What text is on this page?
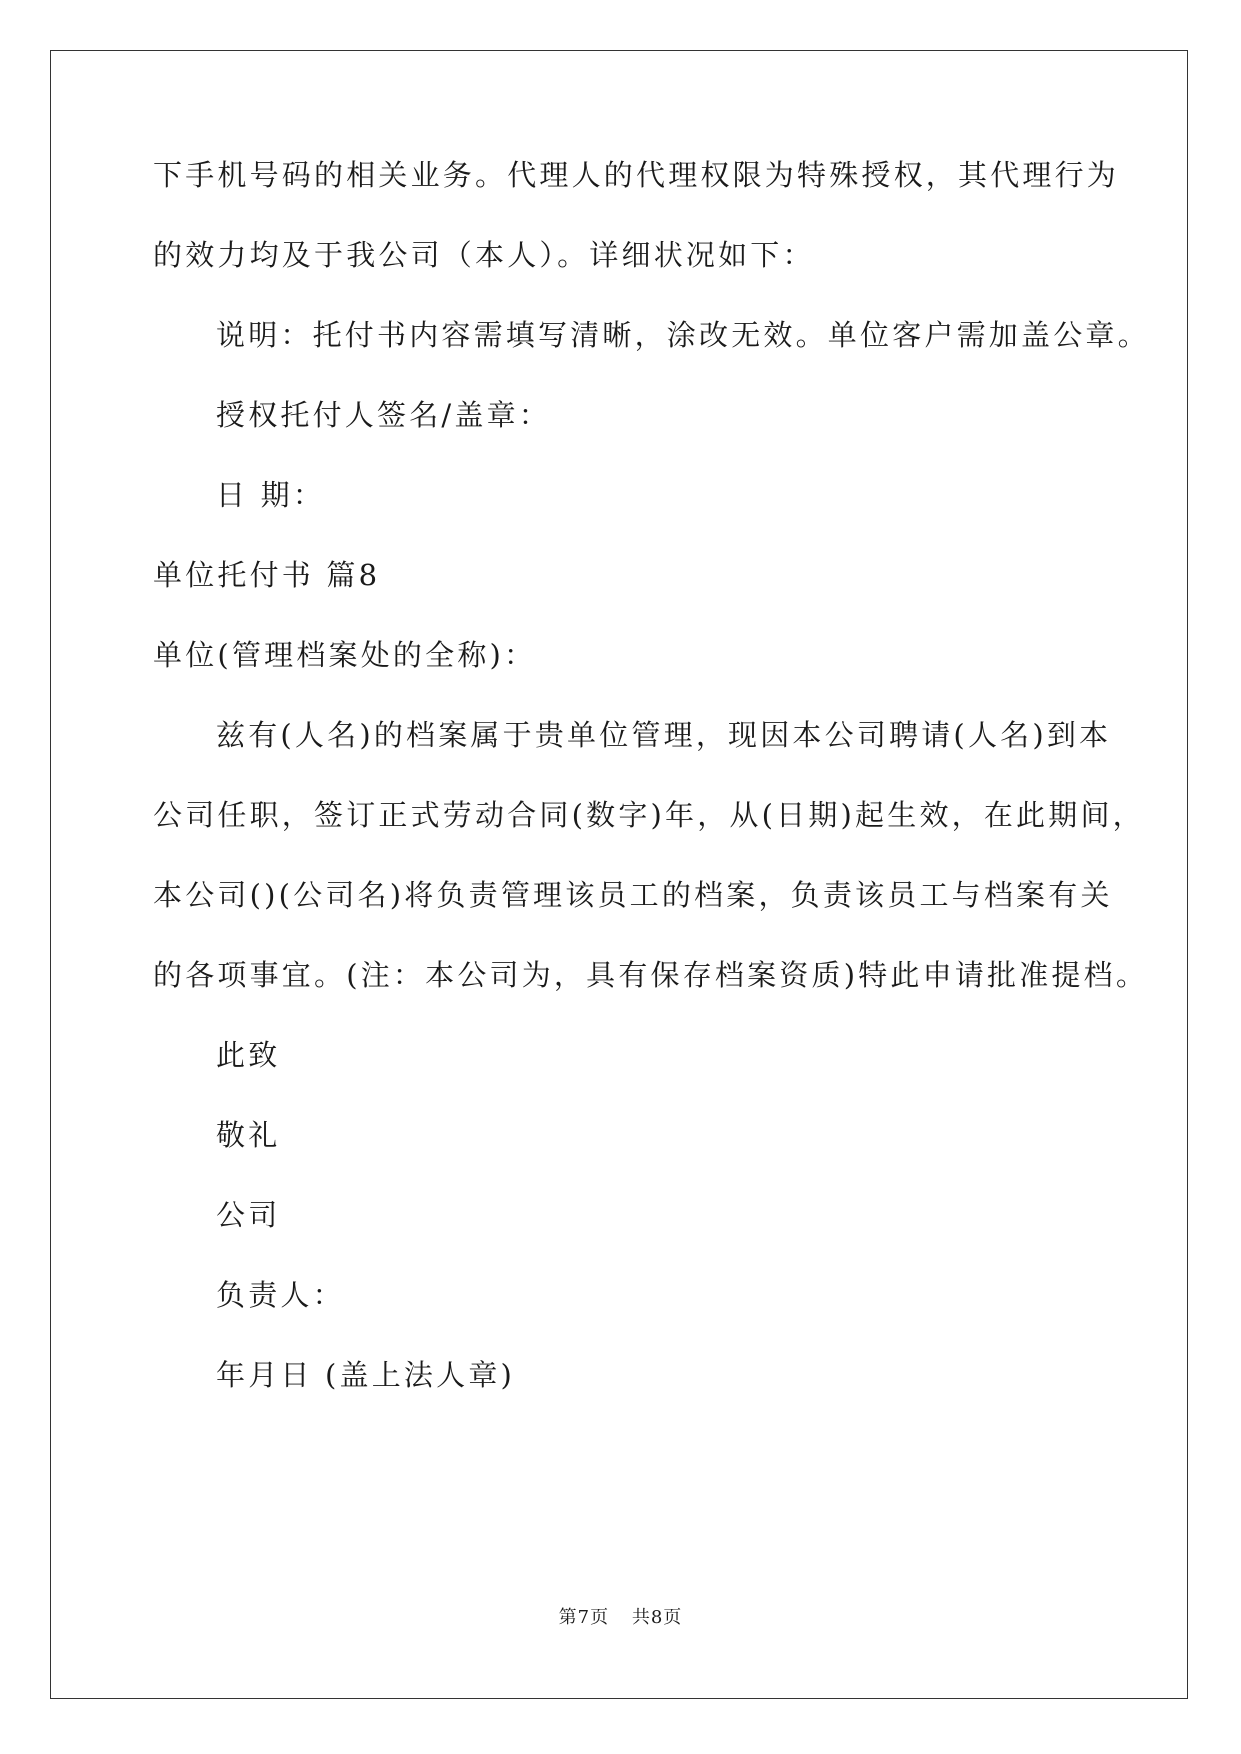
下手机号码的相关业务。代理人的代理权限为特殊授权，其代理行为
的效力均及于我公司（本人）。详细状况如下：
说明：托付书内容需填写清晰，涂改无效。单位客户需加盖公章。
授权托付人签名/盖章：
日 期：
单位托付书 篇8
单位(管理档案处的全称)：
兹有(人名)的档案属于贵单位管理，现因本公司聘请(人名)到本
公司任职，签订正式劳动合同(数字)年，从(日期)起生效，在此期间，
本公司()(公司名)将负责管理该员工的档案，负责该员工与档案有关
的各项事宜。(注：本公司为，具有保存档案资质)特此申请批准提档。
此致
敬礼
公司
负责人：
年月日 (盖上法人章)
第7页 共8页
